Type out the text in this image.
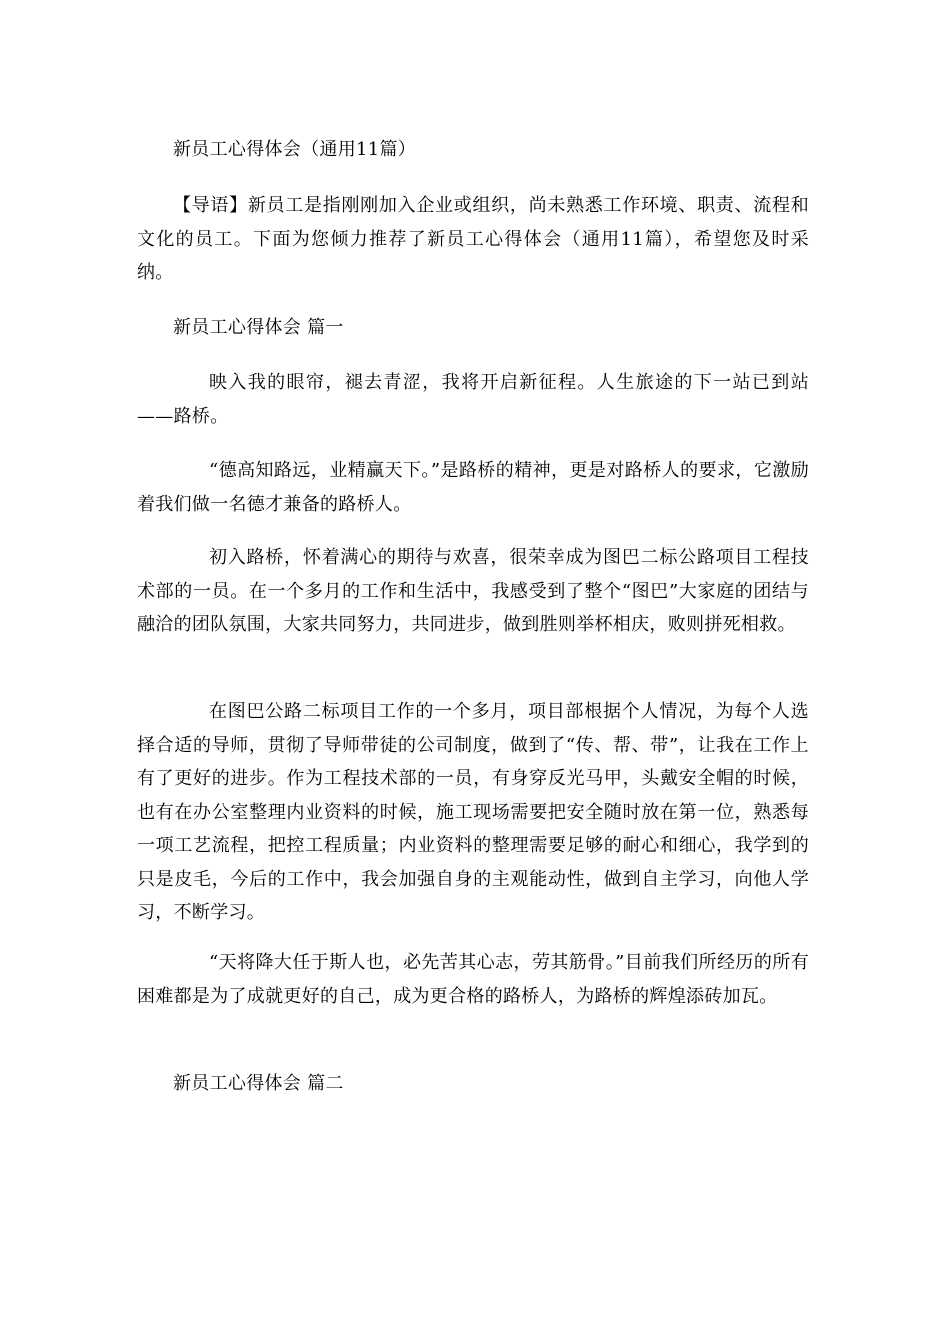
新员工心得体会（通用11篇）

【导语】新员工是指刚刚加入企业或组织，尚未熟悉工作环境、职责、流程和文化的员工。下面为您倾力推荐了新员工心得体会（通用11篇），希望您及时采纳。

新员工心得体会 篇一

映入我的眼帘，褪去青涩，我将开启新征程。人生旅途的下一站已到站——路桥。

“德高知路远，业精赢天下。”是路桥的精神，更是对路桥人的要求，它激励着我们做一名德才兼备的路桥人。

初入路桥，怀着满心的期待与欢喜，很荣幸成为图巴二标公路项目工程技术部的一员。在一个多月的工作和生活中，我感受到了整个“图巴”大家庭的团结与融洽的团队氛围，大家共同努力，共同进步，做到胜则举杯相庆，败则拼死相救。

在图巴公路二标项目工作的一个多月，项目部根据个人情况，为每个人选择合适的导师，贯彻了导师带徒的公司制度，做到了“传、帮、带”，让我在工作上有了更好的进步。作为工程技术部的一员，有身穿反光马甲，头戴安全帽的时候，也有在办公室整理内业资料的时候，施工现场需要把安全随时放在第一位，熟悉每一项工艺流程，把控工程质量；内业资料的整理需要足够的耐心和细心，我学到的只是皮毛，今后的工作中，我会加强自身的主观能动性，做到自主学习，向他人学习，不断学习。

“天将降大任于斯人也，必先苦其心志，劳其筋骨。”目前我们所经历的所有困难都是为了成就更好的自己，成为更合格的路桥人，为路桥的辉煌添砖加瓦。

新员工心得体会 篇二
